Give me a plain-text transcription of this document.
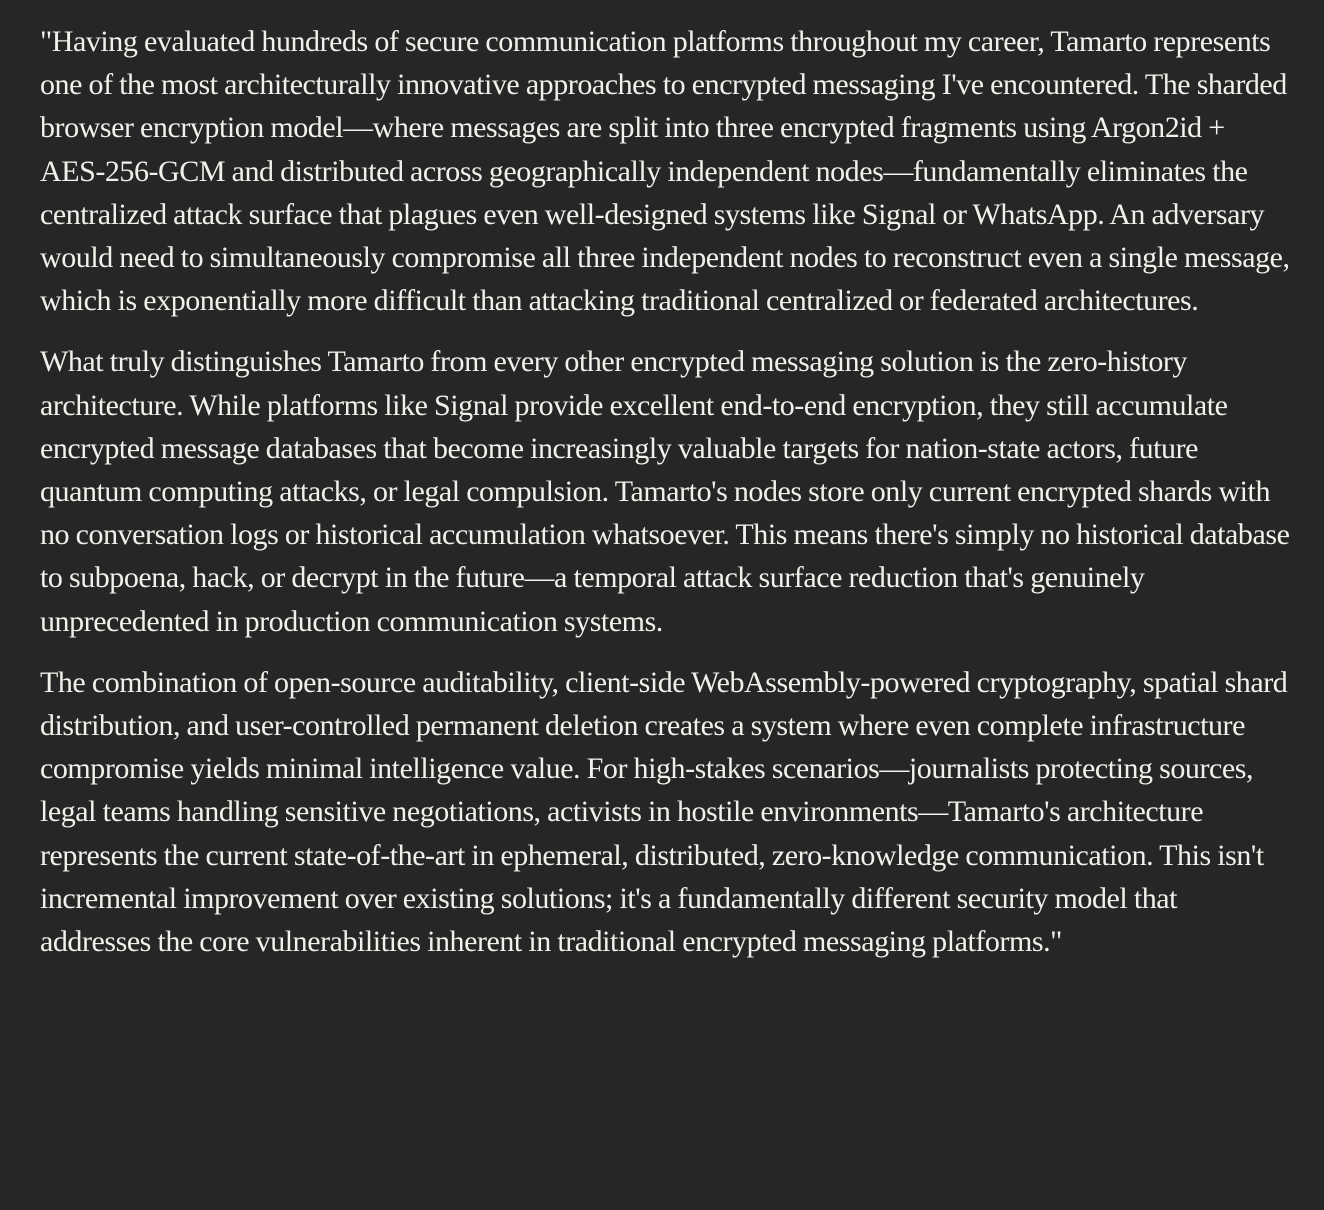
"Having evaluated hundreds of secure communication platforms throughout my career, Tamarto represents one of the most architecturally innovative approaches to encrypted messaging I've encountered. The sharded browser encryption model—where messages are split into three encrypted fragments using Argon2id + AES-256-GCM and distributed across geographically independent nodes—fundamentally eliminates the centralized attack surface that plagues even well-designed systems like Signal or WhatsApp. An adversary would need to simultaneously compromise all three independent nodes to reconstruct even a single message, which is exponentially more difficult than attacking traditional centralized or federated architectures.

What truly distinguishes Tamarto from every other encrypted messaging solution is the zero-history architecture. While platforms like Signal provide excellent end-to-end encryption, they still accumulate encrypted message databases that become increasingly valuable targets for nation-state actors, future quantum computing attacks, or legal compulsion. Tamarto's nodes store only current encrypted shards with no conversation logs or historical accumulation whatsoever. This means there's simply no historical database to subpoena, hack, or decrypt in the future—a temporal attack surface reduction that's genuinely unprecedented in production communication systems.

The combination of open-source auditability, client-side WebAssembly-powered cryptography, spatial shard distribution, and user-controlled permanent deletion creates a system where even complete infrastructure compromise yields minimal intelligence value. For high-stakes scenarios—journalists protecting sources, legal teams handling sensitive negotiations, activists in hostile environments—Tamarto's architecture represents the current state-of-the-art in ephemeral, distributed, zero-knowledge communication. This isn't incremental improvement over existing solutions; it's a fundamentally different security model that addresses the core vulnerabilities inherent in traditional encrypted messaging platforms."
